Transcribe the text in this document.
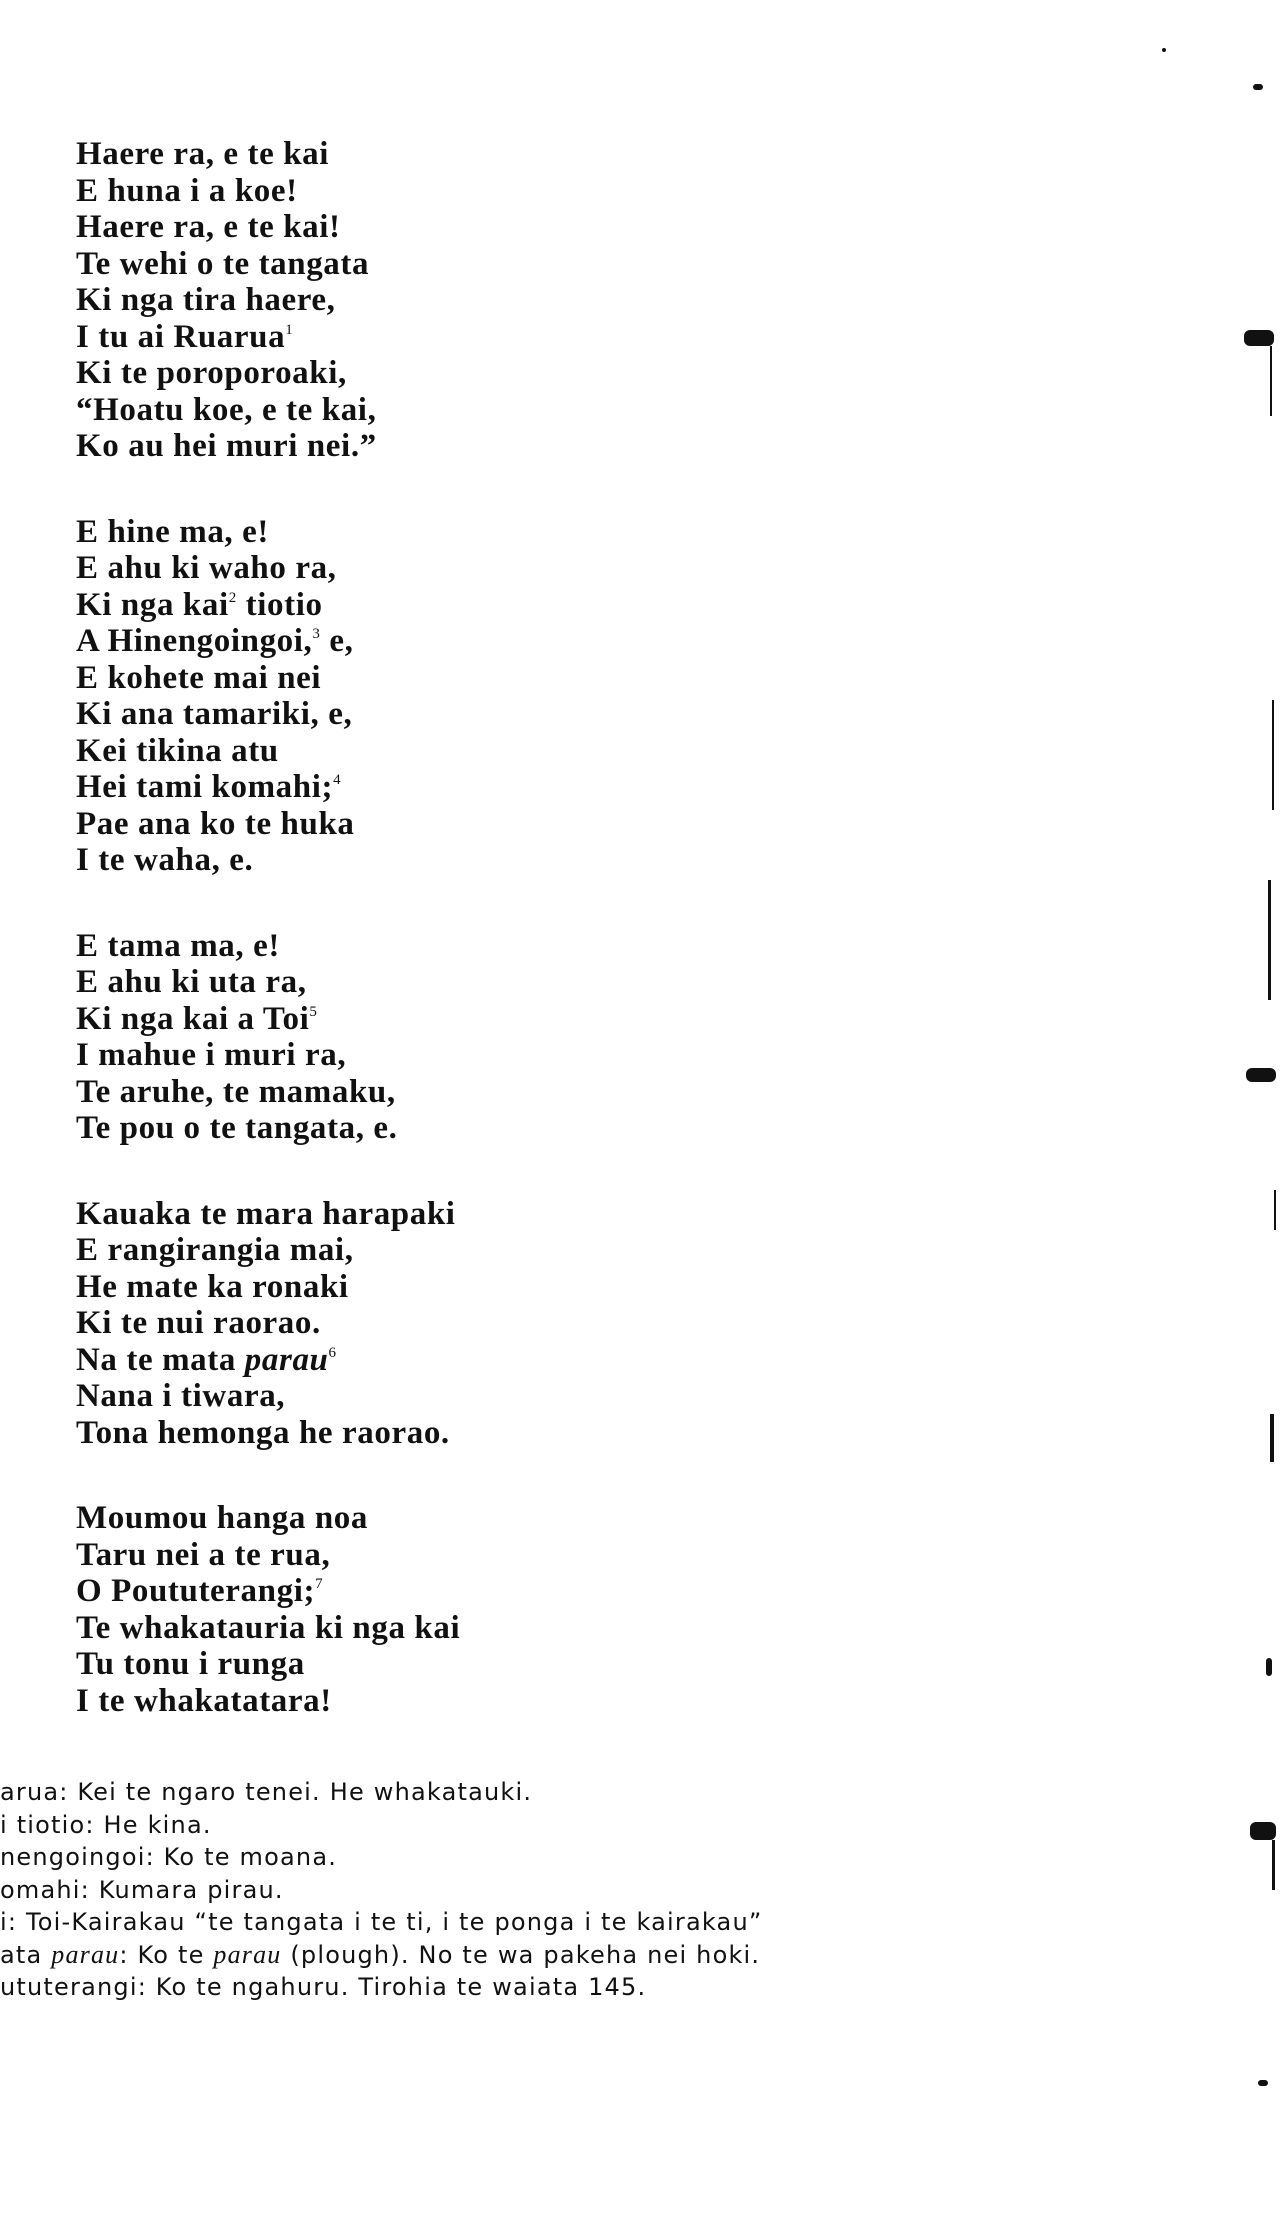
Haere ra, e te kai
E huna i a koe!
Haere ra, e te kai!
Te wehi o te tangata
Ki nga tira haere,
I tu ai Ruarua$^1$
Ki te poroporoaki,
“Hoatu koe, e te kai,
Ko au hei muri nei.”
E hine ma, e!
E ahu ki waho ra,
Ki nga kai$^2$ tiotio
A Hinengoingoi,$^3$ e,
E kohete mai nei
Ki ana tamariki, e,
Kei tikina atu
Hei tami komahi;$^4$
Pae ana ko te huka
I te waha, e.
E tama ma, e!
E ahu ki uta ra,
Ki nga kai a Toi$^5$
I mahue i muri ra,
Te aruhe, te mamaku,
Te pou o te tangata, e.
Kauaka te mara harapaki
E rangirangia mai,
He mate ka ronaki
Ki te nui raorao.
Na te mata parau$^6$
Nana i tiwara,
Tona hemonga he raorao.
Moumou hanga noa
Taru nei a te rua,
O Poututerangi;$^7$
Te whakatauria ki nga kai
Tu tonu i runga
I te whakatatara!
arua: Kei te ngaro tenei. He whakatauki.
i tiotio: He kina.
nengoingoi: Ko te moana.
omahi: Kumara pirau.
i: Toi-Kairakau “te tangata i te ti, i te ponga i te kairakau”
ata parau: Ko te parau (plough). No te wa pakeha nei hoki.
ututerangi: Ko te ngahuru. Tirohia te waiata 145.
